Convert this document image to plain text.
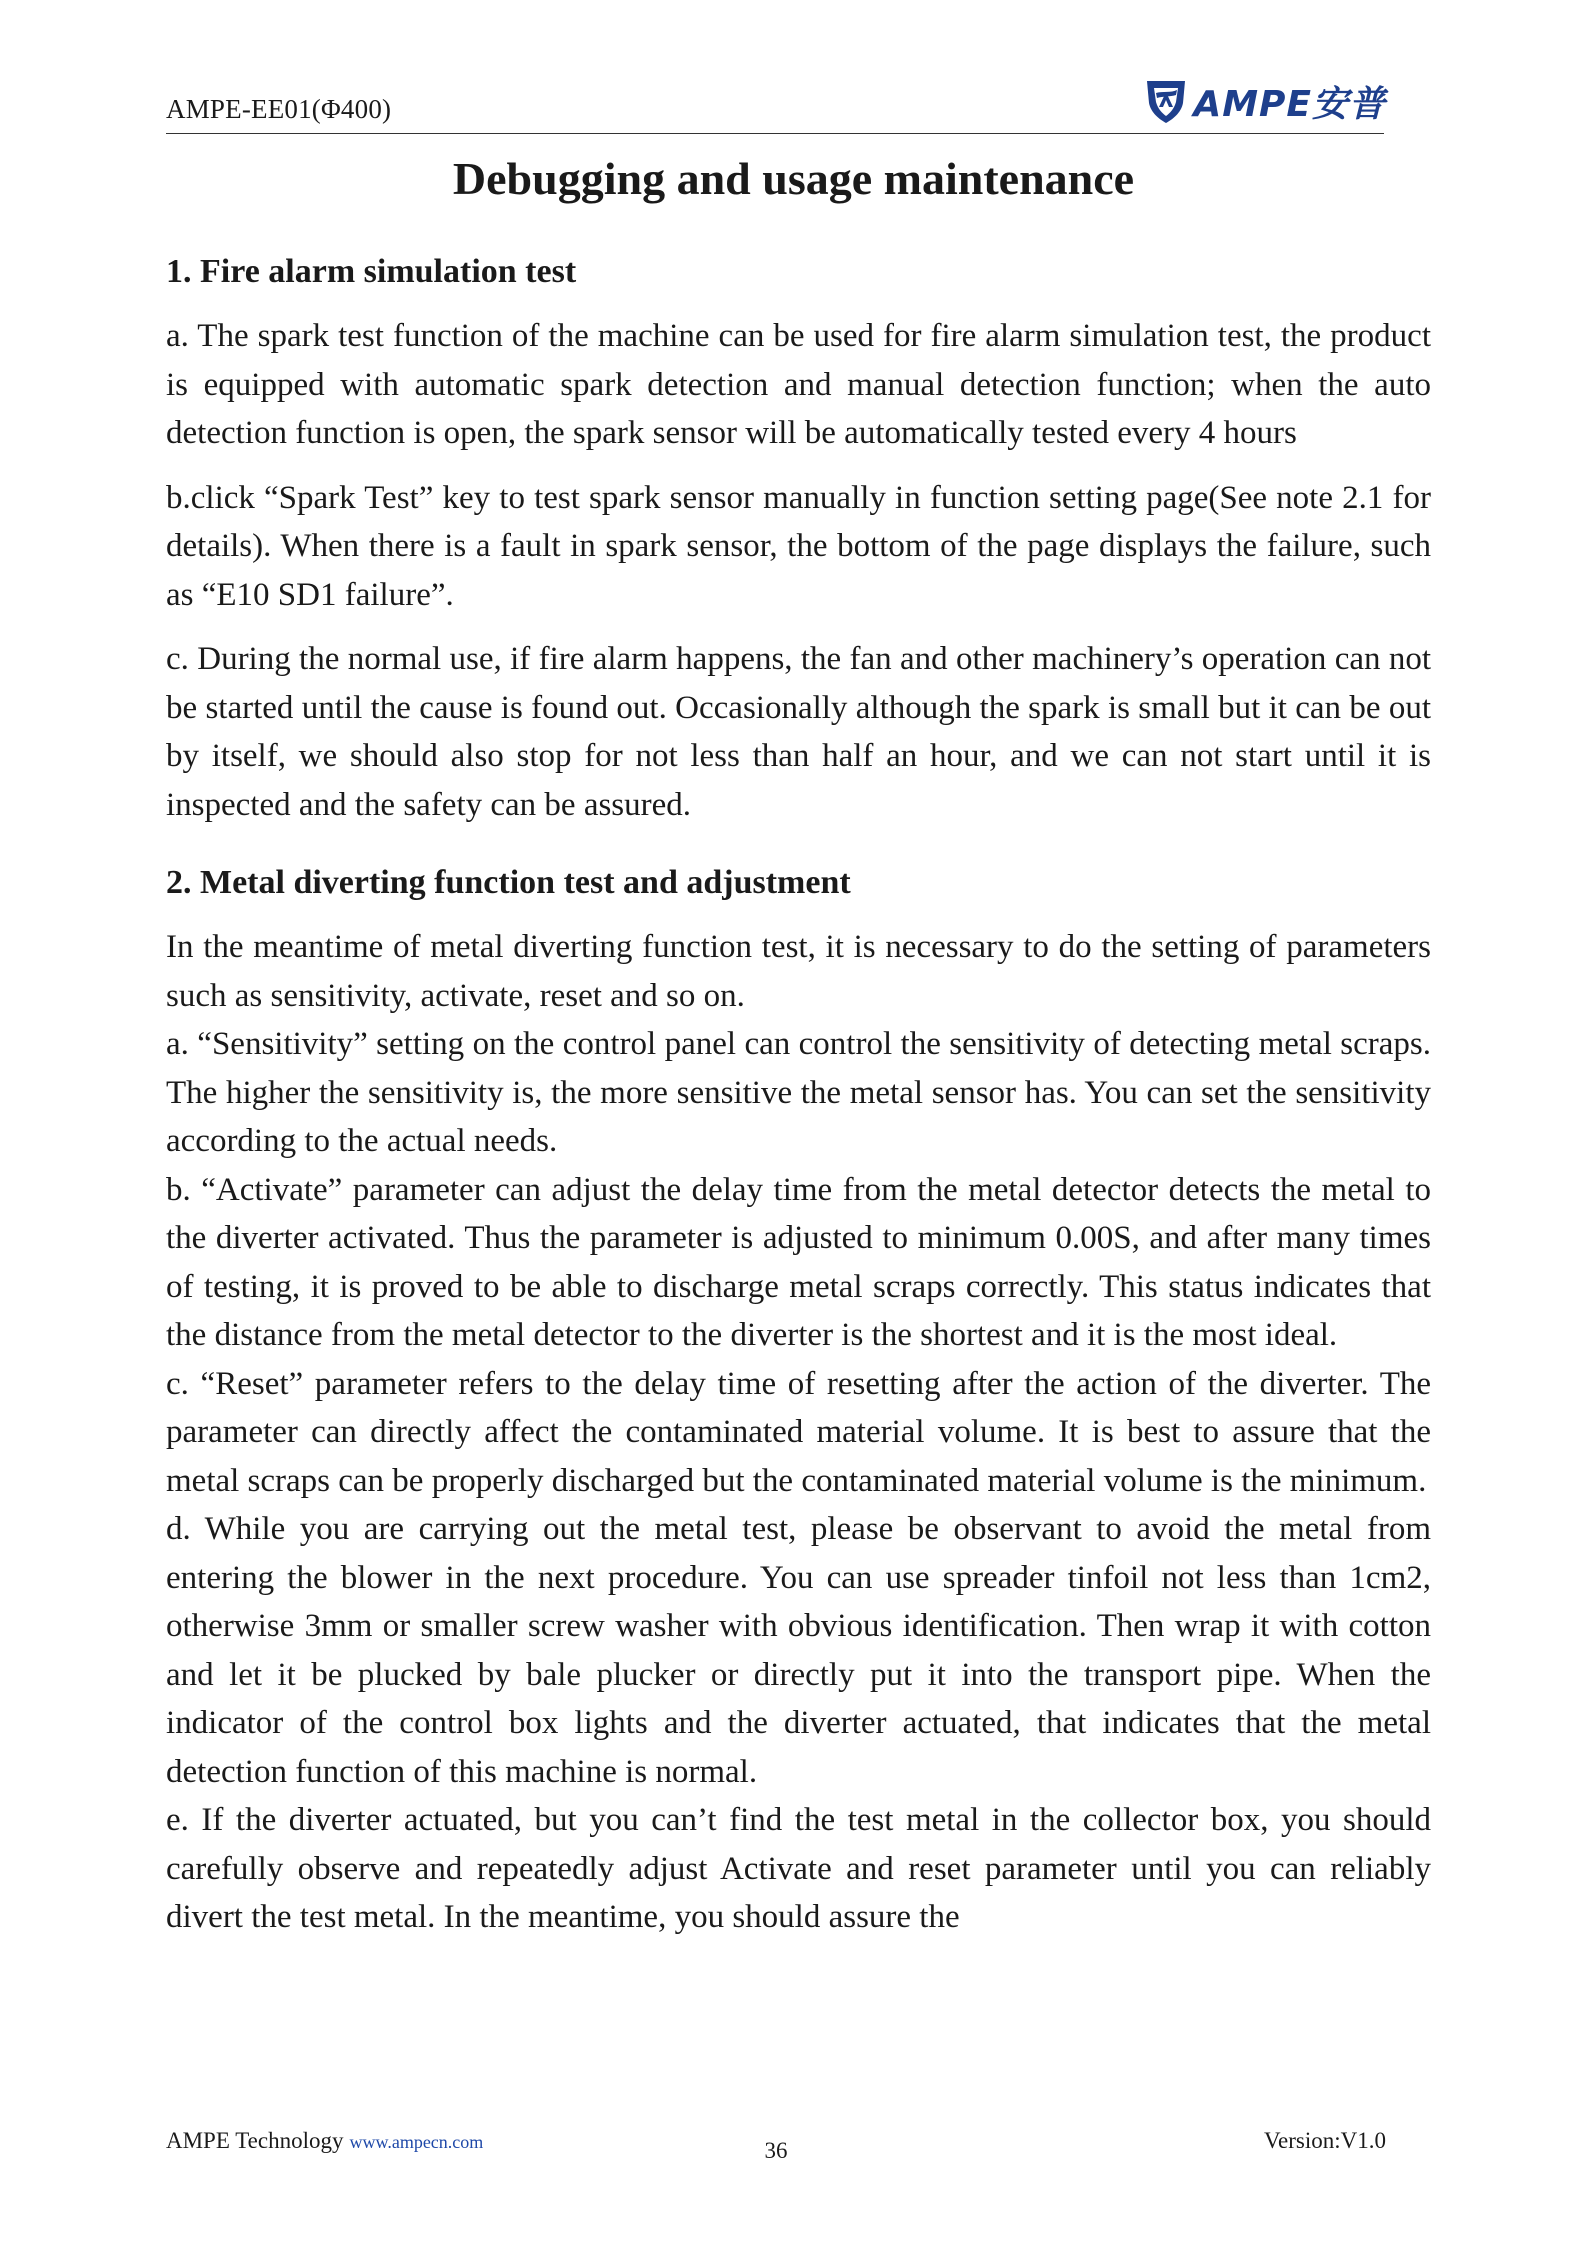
AMPE-EE01(Φ400)	AMPE安普
Debugging and usage maintenance
1. Fire alarm simulation test

a. The spark test function of the machine can be used for fire alarm simulation test, the product is equipped with automatic spark detection and manual detection function; when the auto detection function is open, the spark sensor will be automatically tested every 4 hours

b.click “Spark Test” key to test spark sensor manually in function setting page(See note 2.1 for details). When there is a fault in spark sensor, the bottom of the page displays the failure, such as “E10 SD1 failure”.

c. During the normal use, if fire alarm happens, the fan and other machinery’s operation can not be started until the cause is found out. Occasionally although the spark is small but it can be out by itself, we should also stop for not less than half an hour, and we can not start until it is inspected and the safety can be assured.

2. Metal diverting function test and adjustment

In the meantime of metal diverting function test, it is necessary to do the setting of parameters such as sensitivity, activate, reset and so on.

a. “Sensitivity” setting on the control panel can control the sensitivity of detecting metal scraps. The higher the sensitivity is, the more sensitive the metal sensor has. You can set the sensitivity according to the actual needs.

b. “Activate” parameter can adjust the delay time from the metal detector detects the metal to the diverter activated. Thus the parameter is adjusted to minimum 0.00S, and after many times of testing, it is proved to be able to discharge metal scraps correctly. This status indicates that the distance from the metal detector to the diverter is the shortest and it is the most ideal.

c. “Reset” parameter refers to the delay time of resetting after the action of the diverter. The parameter can directly affect the contaminated material volume. It is best to assure that the metal scraps can be properly discharged but the contaminated material volume is the minimum.

d. While you are carrying out the metal test, please be observant to avoid the metal from entering the blower in the next procedure. You can use spreader tinfoil not less than 1cm2, otherwise 3mm or smaller screw washer with obvious identification. Then wrap it with cotton and let it be plucked by bale plucker or directly put it into the transport pipe. When the indicator of the control box lights and the diverter actuated, that indicates that the metal detection function of this machine is normal.

e. If the diverter actuated, but you can’t find the test metal in the collector box, you should carefully observe and repeatedly adjust Activate and reset parameter until you can reliably divert the test metal. In the meantime, you should assure the

AMPE Technology www.ampecn.com	36	Version:V1.0
